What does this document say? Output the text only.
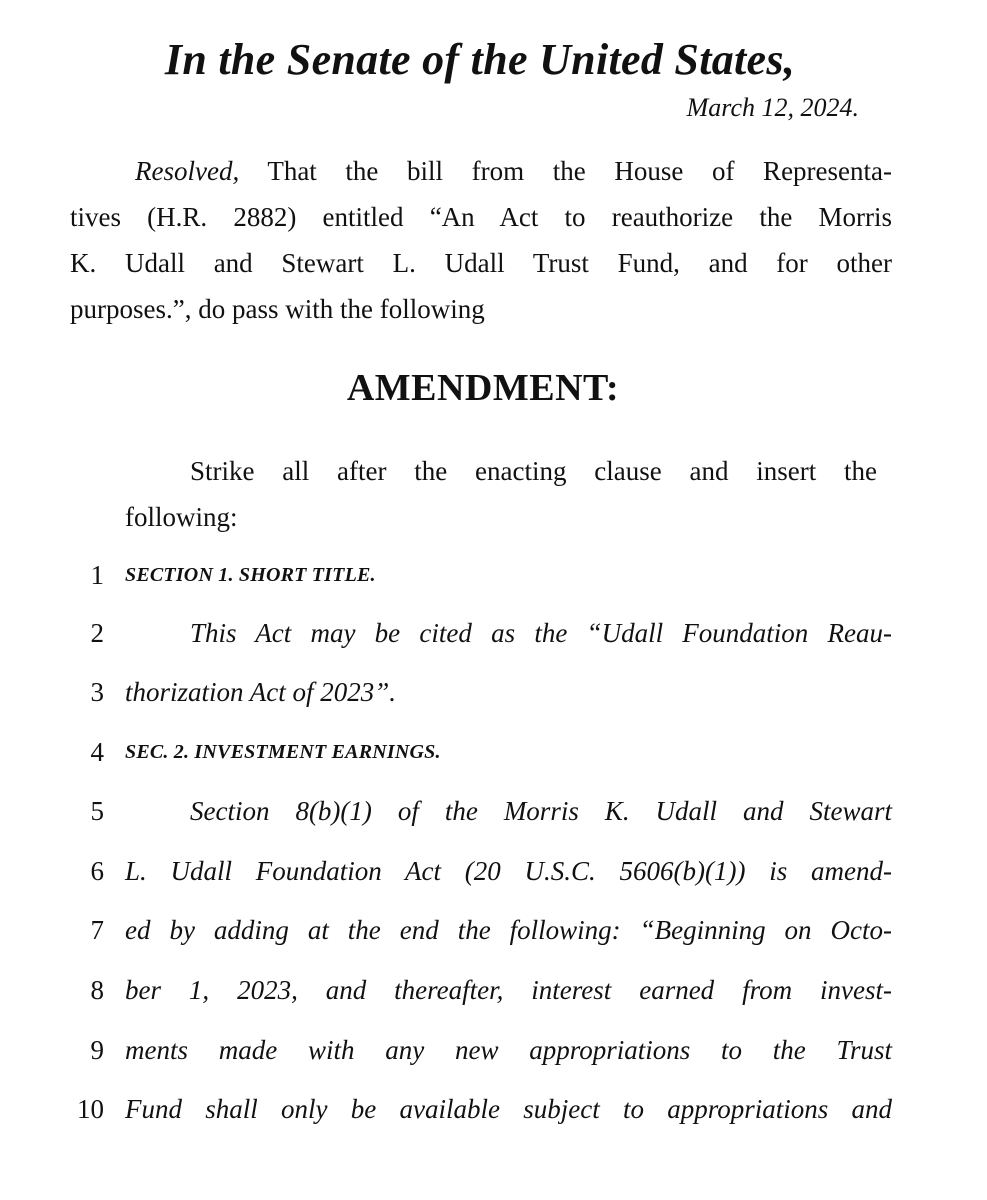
In the Senate of the United States,
March 12, 2024.
Resolved, That the bill from the House of Representa-
tives (H.R. 2882) entitled “An Act to reauthorize the Morris
K. Udall and Stewart L. Udall Trust Fund, and for other
purposes.”, do pass with the following
AMENDMENT:
Strike all after the enacting clause and insert the
following:
1 SECTION 1. SHORT TITLE.
2	This Act may be cited as the “Udall Foundation Reau-
3 thorization Act of 2023”.
4 SEC. 2. INVESTMENT EARNINGS.
5	Section 8(b)(1) of the Morris K. Udall and Stewart
6 L. Udall Foundation Act (20 U.S.C. 5606(b)(1)) is amend-
7 ed by adding at the end the following: “Beginning on Octo-
8 ber 1, 2023, and thereafter, interest earned from invest-
9 ments made with any new appropriations to the Trust
10 Fund shall only be available subject to appropriations and
